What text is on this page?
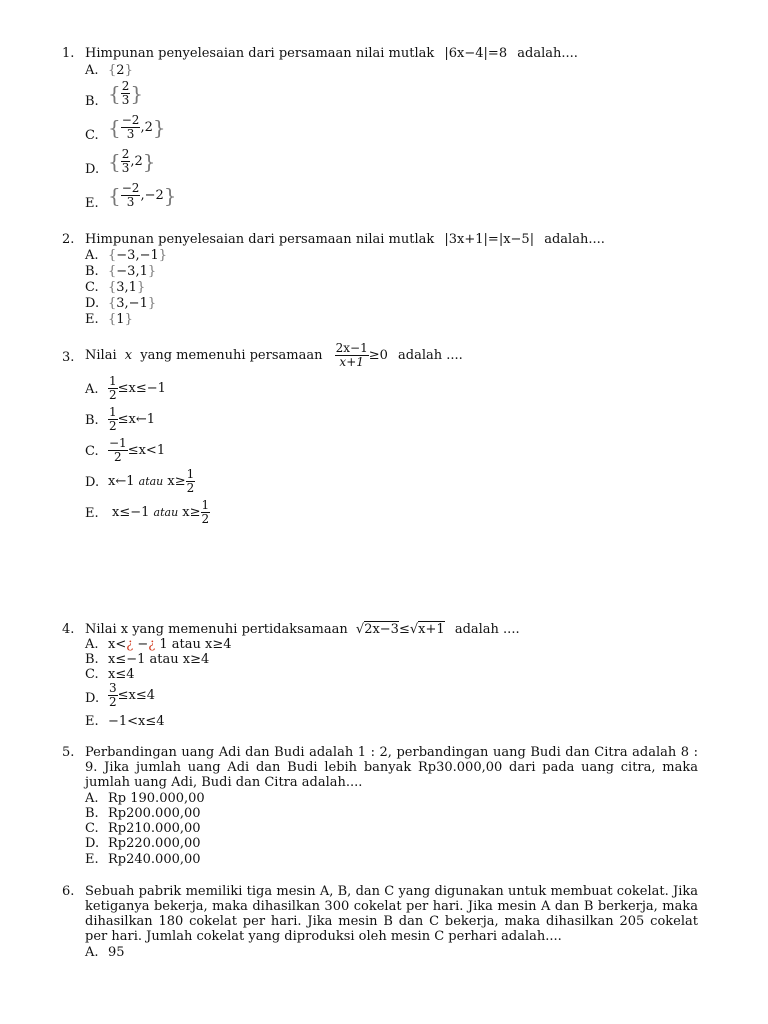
1. Himpunan penyelesaian dari persamaan nilai mutlak |6x−4|=8 adalah....
A. {2}
B. { $\frac{2}{3}$ }
C. { $\frac{-2}{3} ,2$}
D. { $\frac{2}{3} ,2$}
E. { $\frac{-2}{3} ,-2$}
2. Himpunan penyelesaian dari persamaan nilai mutlak |3x+1|=|x−5| adalah....
A. {−3,−1}
B. {−3,1}
C. {3,1}
D. {3,−1}
E. {1}
3. Nilai x yang memenuhi persamaan $\frac{2x-1}{x+1} \ge 0$ adalah ....
A. $\frac{1}{2} \le x\le-1$
B. $\frac{1}{2}$ ≤x←1
C. $\frac{-1}{2} \le x<1$
D. x←1 atau $x\ge \frac{1}{2}$
E. x≤−1 atau $x\ge \frac{1}{2}$
4. Nilai x yang memenuhi pertidaksamaan √2x−3≤√x+1 adalah ....
A. x<¿ −¿ 1 atau x≥4
B. x≤−1 atau x≥4
C. x≤4
D. $\frac{3}{2} \le x\le 4$
E. −1<x≤4
5. Perbandingan uang Adi dan Budi adalah 1 : 2, perbandingan uang Budi dan Citra adalah 8 : 9. Jika jumlah uang Adi dan Budi lebih banyak Rp30.000,00 dari pada uang citra, maka jumlah uang Adi, Budi dan Citra adalah....
A. Rp 190.000,00
B. Rp200.000,00
C. Rp210.000,00
D. Rp220.000,00
E. Rp240.000,00
6. Sebuah pabrik memiliki tiga mesin A, B, dan C yang digunakan untuk membuat cokelat. Jika ketiganya bekerja, maka dihasilkan 300 cokelat per hari. Jika mesin A dan B berkerja, maka dihasilkan 180 cokelat per hari. Jika mesin B dan C bekerja, maka dihasilkan 205 cokelat per hari. Jumlah cokelat yang diproduksi oleh mesin C perhari adalah....
A. 95
